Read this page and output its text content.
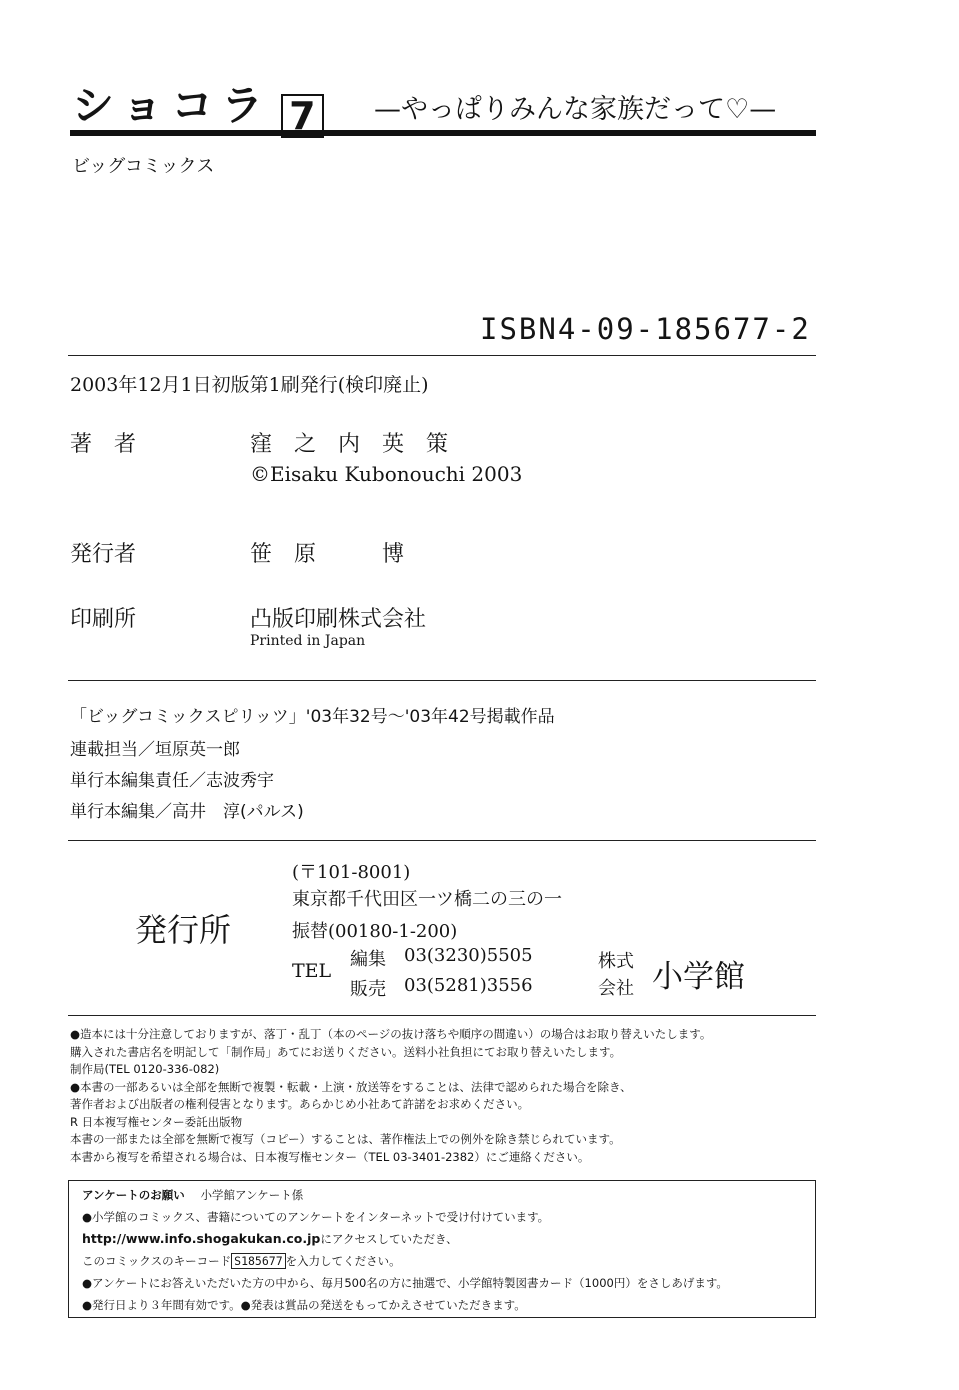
ショコラ 7 —やっぱりみんな家族だって♡—
ビッグコミックス
ISBN4-09-185677-2
2003年12月1日初版第1刷発行(検印廃止)
著　者	窪　之　内　英　策
©Eisaku Kubonouchi 2003
発行者	笹　原　　　博
印刷所	凸版印刷株式会社
Printed in Japan
「ビッグコミックスピリッツ」'03年32号〜'03年42号掲載作品
連載担当／垣原英一郎
単行本編集責任／志波秀宇
単行本編集／高井　淳(パルス)
発行所
(〒101-8001)
東京都千代田区一ツ橋二の三の一
振替(00180-1-200)
TEL
編集 03(3230)5505
販売 03(5281)3556
株式
会社 小学館
●造本には十分注意しておりますが、落丁・乱丁（本のページの抜け落ちや順序の間違い）の場合はお取り替えいたします。
購入された書店名を明記して「制作局」あてにお送りください。送料小社負担にてお取り替えいたします。
制作局(TEL 0120-336-082)
●本書の一部あるいは全部を無断で複製・転載・上演・放送等をすることは、法律で認められた場合を除き、
著作者および出版者の権利侵害となります。あらかじめ小社あて許諾をお求めください。
R 日本複写権センター委託出版物
本書の一部または全部を無断で複写（コピー）することは、著作権法上での例外を除き禁じられています。
本書から複写を希望される場合は、日本複写権センター（TEL 03-3401-2382）にご連絡ください。
アンケートのお願い 小学館アンケート係
●小学館のコミックス、書籍についてのアンケートをインターネットで受け付けています。
http://www.info.shogakukan.co.jpにアクセスしていただき、
このコミックスのキーコード S185677 を入力してください。
●アンケートにお答えいただいた方の中から、毎月500名の方に抽選で、小学館特製図書カード（1000円）をさしあげます。
●発行日より３年間有効です。●発表は賞品の発送をもってかえさせていただきます。
